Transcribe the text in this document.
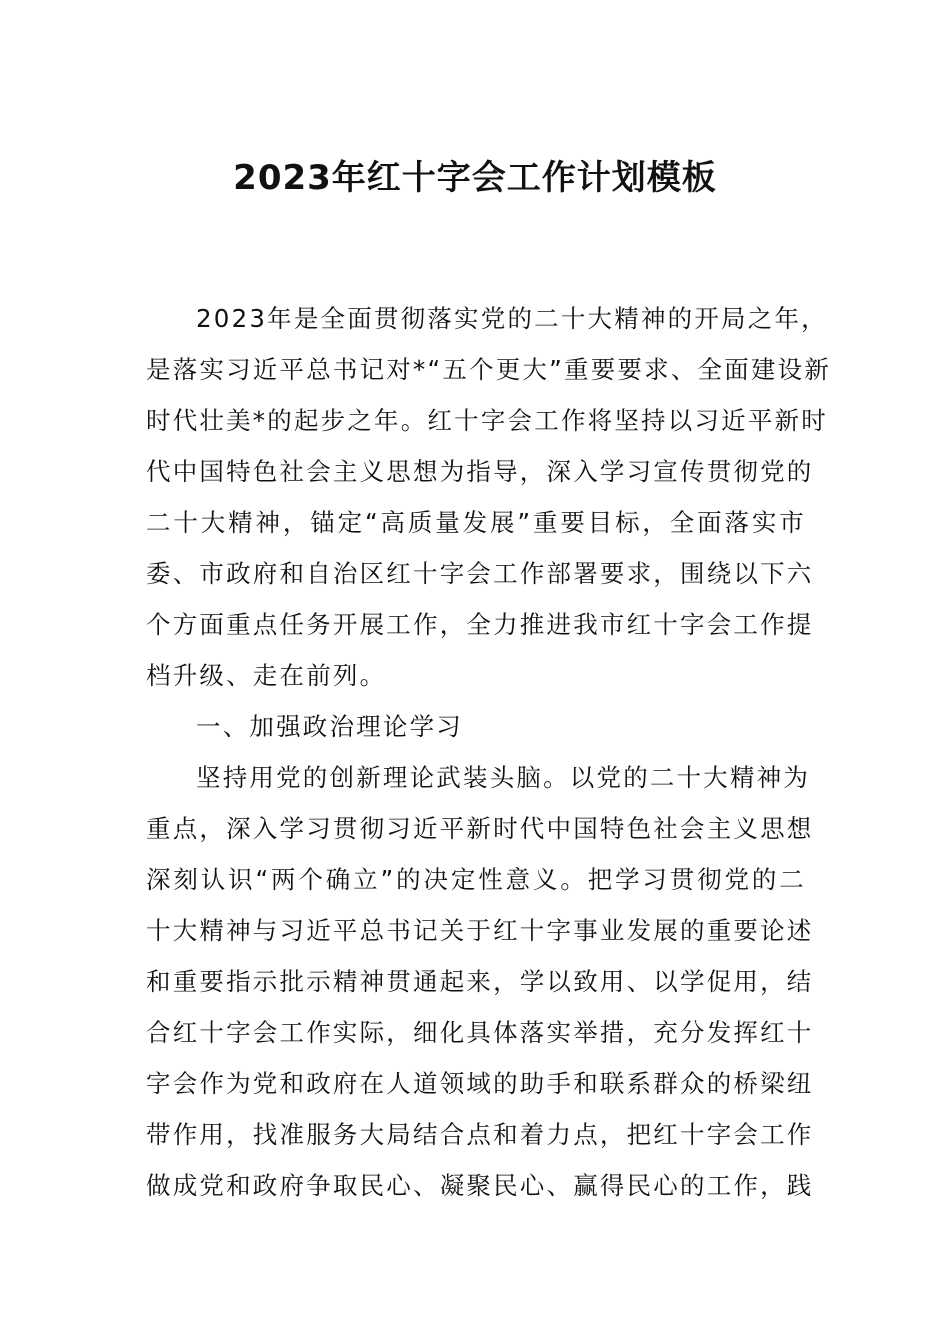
2023年红十字会工作计划模板
2023年是全面贯彻落实党的二十大精神的开局之年，
是落实习近平总书记对*“五个更大”重要要求、全面建设新
时代壮美*的起步之年。红十字会工作将坚持以习近平新时
代中国特色社会主义思想为指导，深入学习宣传贯彻党的
二十大精神，锚定“高质量发展”重要目标，全面落实市
委、市政府和自治区红十字会工作部署要求，围绕以下六
个方面重点任务开展工作，全力推进我市红十字会工作提
档升级、走在前列。
一、加强政治理论学习
坚持用党的创新理论武装头脑。以党的二十大精神为
重点，深入学习贯彻习近平新时代中国特色社会主义思想
深刻认识“两个确立”的决定性意义。把学习贯彻党的二
十大精神与习近平总书记关于红十字事业发展的重要论述
和重要指示批示精神贯通起来，学以致用、以学促用，结
合红十字会工作实际，细化具体落实举措，充分发挥红十
字会作为党和政府在人道领域的助手和联系群众的桥梁纽
带作用，找准服务大局结合点和着力点，把红十字会工作
做成党和政府争取民心、凝聚民心、赢得民心的工作，践
